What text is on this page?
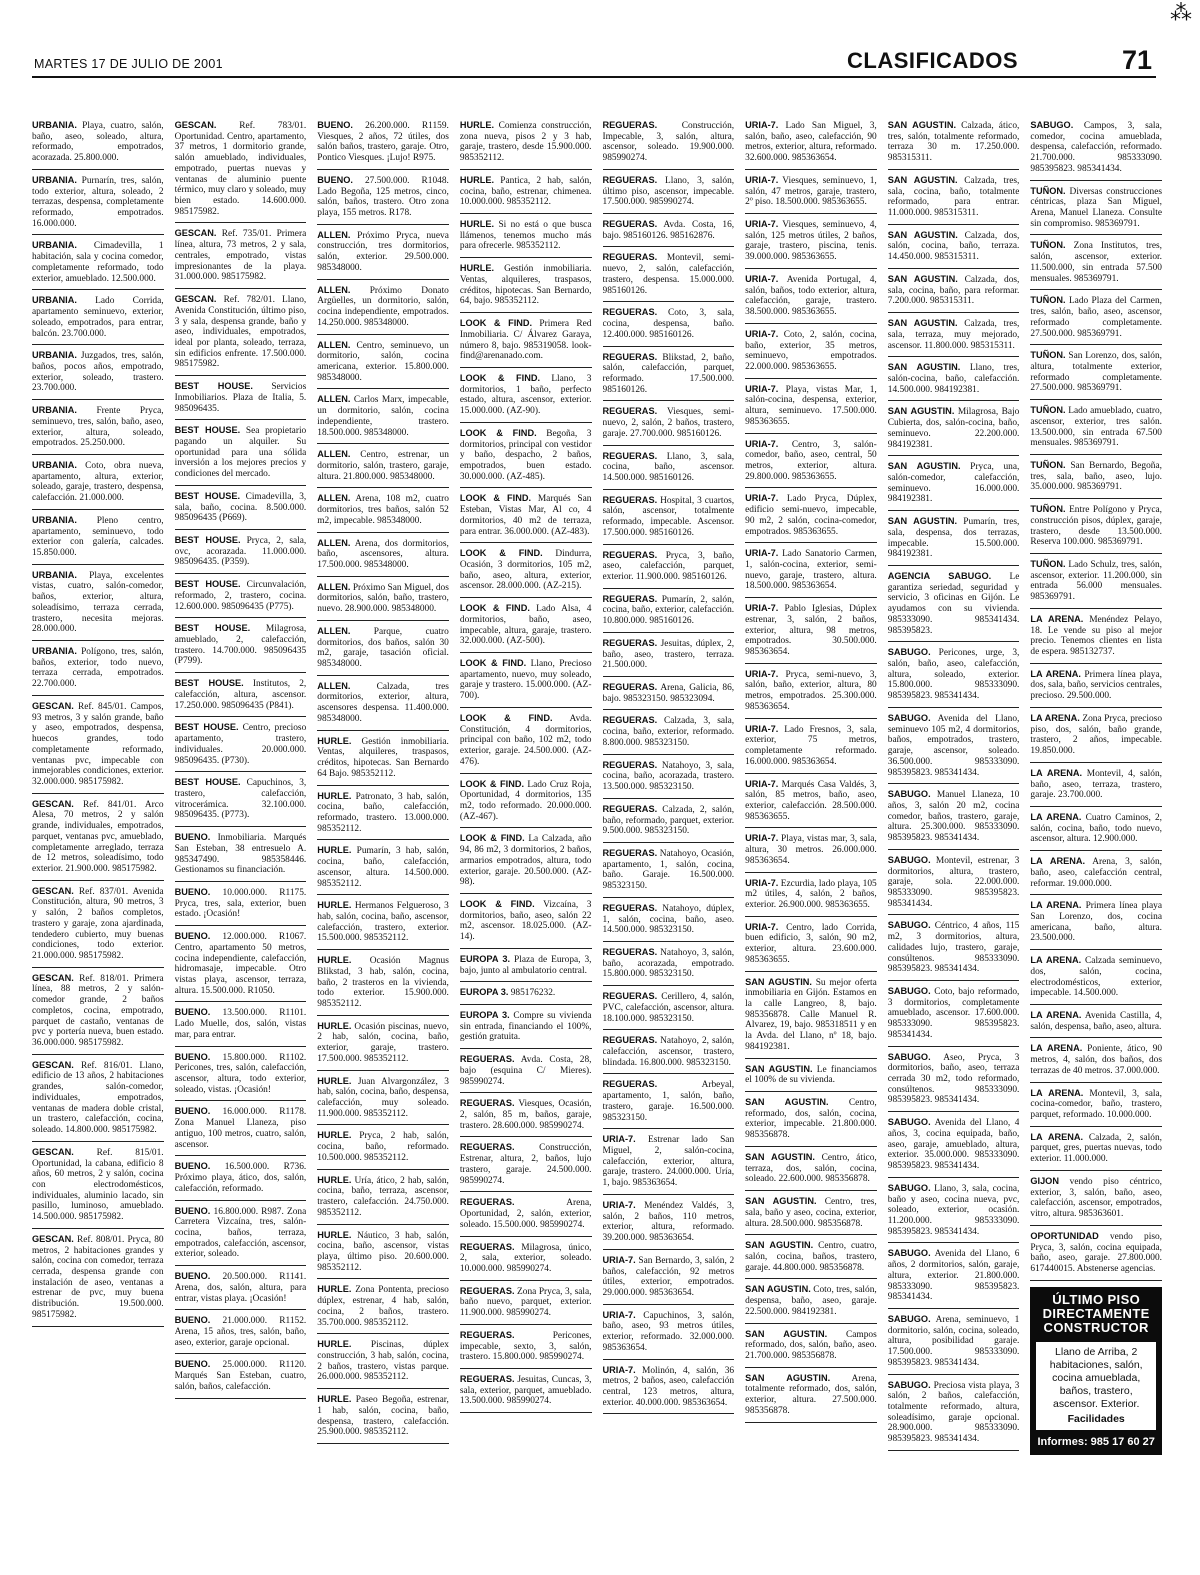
⁂
MARTES 17 DE JULIO DE 2001	CLASIFICADOS	71
URBANIA. Playa, cuatro, salón, baño, aseo, soleado, altura, reformado, empotrados, acorazada. 25.800.000.
URBANIA. Purnarín, tres, salón, todo exterior, altura, soleado, 2 terrazas, despensa, completamente reformado, empotrados. 16.000.000.
URBANIA. Cimadevilla, 1 habitación, sala y cocina comedor, completamente reformado, todo exterior, amueblado. 12.500.000.
URBANIA. Lado Corrida, apartamento seminuevo, exterior, soleado, empotrados, para entrar, balcón. 23.700.000.
URBANIA. Juzgados, tres, salón, baños, pocos años, empotrado, exterior, soleado, trastero. 23.700.000.
URBANIA. Frente Pryca, seminuevo, tres, salón, baño, aseo, exterior, altura, soleado, empotrados. 25.250.000.
URBANIA. Coto, obra nueva, apartamento, altura, exterior, soleado, garaje, trastero, despensa, calefacción. 21.000.000.
URBANIA. Pleno centro, apartamento, seminuevo, todo exterior con galería, calcades. 15.850.000.
URBANIA. Playa, excelentes vistas, cuatro, salón-comedor, baños, exterior, altura, soleadísimo, terraza cerrada, trastero, necesita mejoras. 28.000.000.
URBANIA. Polígono, tres, salón, baños, exterior, todo nuevo, terraza cerrada, empotrados. 22.700.000.
GESCAN. Ref. 845/01. Campos, 93 metros, 3 y salón grande, baño y aseo, empotrados, despensa, huecos grandes, todo completamente reformado, ventanas pvc, impecable con inmejorables condiciones, exterior. 32.000.000. 985175982.
GESCAN. Ref. 841/01. Arco Alesa, 70 metros, 2 y salón grande, individuales, empotrados, parquet, ventanas pvc, amueblado, completamente arreglado, terraza de 12 metros, soleadísimo, todo exterior. 21.900.000. 985175982.
GESCAN. Ref. 837/01. Avenida Constitución, altura, 90 metros, 3 y salón, 2 baños completos, trastero y garaje, zona ajardinada, tendedero cubierto, muy buenas condiciones, todo exterior. 21.000.000. 985175982.
GESCAN. Ref. 818/01. Primera línea, 88 metros, 2 y salón-comedor grande, 2 baños completos, cocina, empotrado, parquet de castaño, ventanas de pvc y portería nueva, buen estado. 36.000.000. 985175982.
GESCAN. Ref. 816/01. Llano, edificio de 13 años, 2 habitaciones grandes, salón-comedor, individuales, empotrados, ventanas de madera doble cristal, un trastero, calefacción, cocina, soleado. 14.800.000. 985175982.
GESCAN. Ref. 815/01. Oportunidad, la cabana, edificio 8 años, 60 metros, 2 y salón, cocina con electrodomésticos, individuales, aluminio lacado, sin pasillo, luminoso, amueblado. 14.500.000. 985175982.
GESCAN. Ref. 808/01. Pryca, 80 metros, 2 habitaciones grandes y salón, cocina con comedor, terraza cerrada, despensa grande con instalación de aseo, ventanas a estrenar de pvc, muy buena distribución. 19.500.000. 985175982.
GESCAN. Ref. 783/01. Oportunidad. Centro, apartamento, 37 metros, 1 dormitorio grande, salón amueblado, individuales, empotrado, puertas nuevas y ventanas de aluminio puente térmico, muy claro y soleado, muy bien estado. 14.600.000. 985175982.
GESCAN. Ref. 735/01. Primera línea, altura, 73 metros, 2 y sala, centrales, empotrado, vistas impresionantes de la playa. 31.000.000. 985175982.
GESCAN. Ref. 782/01. Llano, Avenida Constitución, último piso, 3 y sala, despensa grande, baño y aseo, individuales, empotrados, ideal por planta, soleado, terraza, sin edificios enfrente. 17.500.000. 985175982.
BEST HOUSE. Servicios Inmobiliarios. Plaza de Italia, 5. 985096435.
BEST HOUSE. Sea propietario pagando un alquiler. Su oportunidad para una sólida inversión a los mejores precios y condiciones del mercado.
BEST HOUSE. Cimadevilla, 3, sala, baño, cocina. 8.500.000. 985096435 (P669).
BEST HOUSE. Pryca, 2, sala, ovc, acorazada. 11.000.000. 985096435. (P359).
BEST HOUSE. Circunvalación, reformado, 2, trastero, cocina. 12.600.000. 985096435 (P775).
BEST HOUSE. Milagrosa, amueblado, 2, calefacción, trastero. 14.700.000. 985096435 (P799).
BEST HOUSE. Institutos, 2, calefacción, altura, ascensor. 17.250.000. 985096435 (P841).
BEST HOUSE. Centro, precioso apartamento, trastero, individuales. 20.000.000. 985096435. (P730).
BEST HOUSE. Capuchinos, 3, trastero, calefacción, vitrocerámica. 32.100.000. 985096435. (P773).
BUENO. Inmobiliaria. Marqués San Esteban, 38 entresuelo A. 985347490. 985358446. Gestionamos su financiación.
BUENO. 10.000.000. R1175. Pryca, tres, sala, exterior, buen estado. ¡Ocasión!
BUENO. 12.000.000. R1067. Centro, apartamento 50 metros, cocina independiente, calefacción, hidromasaje, impecable. Otro vistas playa, ascensor, terraza, altura. 15.500.000. R1050.
BUENO. 13.500.000. R1101. Lado Muelle, dos, salón, vistas mar, para entrar.
BUENO. 15.800.000. R1102. Pericones, tres, salón, calefacción, ascensor, altura, todo exterior, soleado, vistas. ¡Ocasión!
BUENO. 16.000.000. R1178. Zona Manuel Llaneza, piso antiguo, 100 metros, cuatro, salón, ascensor.
BUENO. 16.500.000. R736. Próximo playa, ático, dos, salón, calefacción, reformado.
BUENO. 16.800.000. R987. Zona Carretera Vizcaína, tres, salón-cocina, baños, terraza, empotrados, calefacción, ascensor, exterior, soleado.
BUENO. 20.500.000. R1141. Arena, dos, salón, altura, para entrar, vistas playa. ¡Ocasión!
BUENO. 21.000.000. R1152. Arena, 15 años, tres, salón, baño, aseo, exterior, garaje opcional.
BUENO. 25.000.000. R1120. Marqués San Esteban, cuatro, salón, baños, calefacción.
BUENO. 26.200.000. R1159. Viesques, 2 años, 72 útiles, dos salón baños, trastero, garaje. Otro, Pontico Viesques. ¡Lujo! R975.
BUENO. 27.500.000. R1048. Lado Begoña, 125 metros, cinco, salón, baños, trastero. Otro zona playa, 155 metros. R178.
ALLEN. Próximo Pryca, nueva construcción, tres dormitorios, salón, exterior. 29.500.000. 985348000.
ALLEN. Próximo Donato Argüelles, un dormitorio, salón, cocina independiente, empotrados. 14.250.000. 985348000.
ALLEN. Centro, seminuevo, un dormitorio, salón, cocina americana, exterior. 15.800.000. 985348000.
ALLEN. Carlos Marx, impecable, un dormitorio, salón, cocina independiente, trastero. 18.500.000. 985348000.
ALLEN. Centro, estrenar, un dormitorio, salón, trastero, garaje, altura. 21.800.000. 985348000.
ALLEN. Arena, 108 m2, cuatro dormitorios, tres baños, salón 52 m2, impecable. 985348000.
ALLEN. Arena, dos dormitorios, baño, ascensores, altura. 17.500.000. 985348000.
ALLEN. Próximo San Miguel, dos dormitorios, salón, baño, trastero, nuevo. 28.900.000. 985348000.
ALLEN. Parque, cuatro dormitorios, dos baños, salón 30 m2, garaje, tasación oficial. 985348000.
ALLEN.	Calzada, tres dormitorios, exterior, altura, ascensores despensa. 11.400.000. 985348000.
HURLE. Gestión inmobiliaria. Ventas, alquileres, traspasos, créditos, hipotecas. San Bernardo 64 Bajo. 985352112.
HURLE. Patronato, 3 hab, salón, cocina, baño, calefacción, reformado, trastero. 13.000.000. 985352112.
HURLE. Pumarín, 3 hab, salón, cocina, baño, calefacción, ascensor, altura. 14.500.000. 985352112.
HURLE. Hermanos Felgueroso, 3 hab, salón, cocina, baño, ascensor, calefacción, trastero, exterior. 15.500.000. 985352112.
HURLE. Ocasión Magnus Blikstad, 3 hab, salón, cocina, baño, 2 trasteros en la vivienda, todo exterior. 15.900.000. 985352112.
HURLE. Ocasión piscinas, nuevo, 2 hab, salón, cocina, baño, exterior, garaje, trastero. 17.500.000. 985352112.
HURLE. Juan Alvargonzález, 3 hab, salón, cocina, baño, despensa, calefacción, muy soleado. 11.900.000. 985352112.
HURLE. Pryca, 2 hab, salón, cocina, baño, reformado. 10.500.000. 985352112.
HURLE. Uría, ático, 2 hab, salón, cocina, baño, terraza, ascensor, trastero, calefacción. 24.750.000. 985352112.
HURLE. Náutico, 3 hab, salón, cocina, baño, ascensor, vistas playa, último piso. 20.600.000. 985352112.
HURLE. Zona Pontenta, precioso dúplex, estrenar, 4 hab, salón, cocina, 2 baños, trastero. 35.700.000. 985352112.
HURLE. Piscinas, dúplex construcción, 3 hab, salón, cocina, 2 baños, trastero, vistas parque. 26.000.000. 985352112.
HURLE. Paseo Begoña, estrenar, 1 hab, salón, cocina, baño, despensa, trastero, calefacción. 25.900.000. 985352112.
HURLE. Comienza construcción, zona nueva, pisos 2 y 3 hab, garaje, trastero, desde 15.900.000. 985352112.
HURLE. Pantica, 2 hab, salón, cocina, baño, estrenar, chimenea. 10.000.000. 985352112.
HURLE. Si no está o que busca llámenos, tenemos mucho más para ofrecerle. 985352112.
HURLE. Gestión inmobiliaria. Ventas, alquileres, traspasos, créditos, hipotecas. San Bernardo, 64, bajo. 985352112.
LOOK & FIND. Primera Red Inmobiliaria. C/ Álvarez Garaya, número 8, bajo. 985319058. look-find@arenanado.com.
LOOK & FIND. Llano, 3 dormitorios, 1 baño, perfecto estado, altura, ascensor, exterior. 15.000.000. (AZ-90).
LOOK & FIND. Begoña, 3 dormitorios, principal con vestidor y baño, despacho, 2 baños, empotrados, buen estado. 30.000.000. (AZ-485).
LOOK & FIND. Marqués San Esteban, Vistas Mar, Al co, 4 dormitorios, 40 m2 de terraza, para entrar. 36.000.000. (AZ-483).
LOOK & FIND. Dindurra, Ocasión, 3 dormitorios, 105 m2, baño, aseo, altura, exterior, ascensor. 28.000.000. (AZ-215).
LOOK & FIND. Lado Alsa, 4 dormitorios, baño, aseo, impecable, altura, garaje, trastero. 32.000.000. (AZ-500).
LOOK & FIND. Llano, Precioso apartamento, nuevo, muy soleado, garaje y trastero. 15.000.000. (AZ-700).
LOOK & FIND. Avda. Constitución, 4 dormitorios, principal con baño, 102 m2, todo exterior, garaje. 24.500.000. (AZ-476).
LOOK & FIND. Lado Cruz Roja, Oportunidad, 4 dormitorios, 135 m2, todo reformado. 20.000.000. (AZ-467).
LOOK & FIND. La Calzada, año 94, 86 m2, 3 dormitorios, 2 baños, armarios empotrados, altura, todo exterior, garaje. 20.500.000. (AZ-98).
LOOK & FIND. Vizcaína, 3 dormitorios, baño, aseo, salón 22 m2, ascensor. 18.025.000. (AZ-14).
EUROPA 3. Plaza de Europa, 3, bajo, junto al ambulatorio central.
EUROPA 3. 985176232.
EUROPA 3. Compre su vivienda sin entrada, financiando el 100%, gestión gratuita.
REGUERAS. Avda. Costa, 28, bajo (esquina C/ Mieres). 985990274.
REGUERAS. Viesques, Ocasión, 2, salón, 85 m, baños, garaje, trastero. 28.600.000. 985990274.
REGUERAS.	Construcción, Estrenar, altura, 2, baños, lujo trastero, garaje. 24.500.000. 985990274.
REGUERAS.	Arena, Oportunidad, 2, salón, exterior, soleado. 15.500.000. 985990274.
REGUERAS. Milagrosa, único, 2, sala, exterior, soleado. 10.000.000. 985990274.
REGUERAS. Zona Pryca, 3, sala, baño nuevo, parquet, exterior. 11.900.000. 985990274.
REGUERAS.	Pericones, impecable, sexto, 3, salón, trastero. 15.800.000. 985990274.
REGUERAS. Jesuitas, Cuncas, 3, sala, exterior, parquet, amueblado. 13.500.000. 985990274.
REGUERAS.	Construcción, Impecable, 3, salón, altura, ascensor, soleado. 19.900.000. 985990274.
REGUERAS. Llano, 3, salón, último piso, ascensor, impecable. 17.500.000. 985990274.
REGUERAS. Avda. Costa, 16, bajo. 985160126. 985162876.
REGUERAS. Montevil, semi-nuevo, 2, salón, calefacción, trastero, despensa. 15.000.000. 985160126.
REGUERAS. Coto, 3, sala, cocina, despensa, baño. 12.400.000. 985160126.
REGUERAS. Blikstad, 2, baño, salón, calefacción, parquet, reformado. 17.500.000. 985160126.
REGUERAS. Viesques, semi-nuevo, 2, salón, 2 baños, trastero, garaje. 27.700.000. 985160126.
REGUERAS. Llano, 3, sala, cocina, baño, ascensor. 14.500.000. 985160126.
REGUERAS. Hospital, 3 cuartos, salón, ascensor, totalmente reformado, impecable. Ascensor. 17.500.000. 985160126.
REGUERAS. Pryca, 3, baño, aseo, calefacción, parquet, exterior. 11.900.000. 985160126.
REGUERAS. Pumarín, 2, salón, cocina, baño, exterior, calefacción. 10.800.000. 985160126.
REGUERAS. Jesuitas, dúplex, 2, baño, aseo, trastero, terraza. 21.500.000.
REGUERAS. Arena, Galicia, 86, bajo. 985323150. 985323094.
REGUERAS. Calzada, 3, sala, cocina, baño, exterior, reformado. 8.800.000. 985323150.
REGUERAS. Natahoyo, 3, sala, cocina, baño, acorazada, trastero. 13.500.000. 985323150.
REGUERAS. Calzada, 2, salón, baño, reformado, parquet, exterior. 9.500.000. 985323150.
REGUERAS. Natahoyo, Ocasión, apartamento, 1, salón, cocina, baño. Garaje. 16.500.000. 985323150.
REGUERAS. Natahoyo, dúplex, 1, salón, cocina, baño, aseo. 14.500.000. 985323150.
REGUERAS. Natahoyo, 3, salón, baño, acorazada, empotrado. 15.800.000. 985323150.
REGUERAS. Cerillero, 4, salón, PVC, calefacción, ascensor, altura. 18.100.000. 985323150.
REGUERAS. Natahoyo, 2, salón, calefacción, ascensor, trastero, blindada. 16.800.000. 985323150.
REGUERAS.	Arbeyal, apartamento, 1, salón, baño, trastero, garaje. 16.500.000. 985323150.
URIA-7. Estrenar lado San Miguel, 2, salón-cocina, calefacción, exterior, altura, garaje, trastero. 24.000.000. Uría, 1, bajo. 985363654.
URIA-7. Menéndez Valdés, 3, salón, 2 baños, 110 metros, exterior, altura, reformado. 39.200.000. 985363654.
URIA-7. San Bernardo, 3, salón, 2 baños, calefacción, 92 metros útiles, exterior, empotrados. 29.000.000. 985363654.
URIA-7. Capuchinos, 3, salón, baño, aseo, 93 metros útiles, exterior, reformado. 32.000.000. 985363654.
URIA-7. Molinón, 4, salón, 36 metros, 2 baños, aseo, calefacción central, 123 metros, altura, exterior. 40.000.000. 985363654.
URIA-7. Lado San Miguel, 3, salón, baño, aseo, calefacción, 90 metros, exterior, altura, reformado. 32.600.000. 985363654.
URIA-7. Viesques, seminuevo, 1, salón, 47 metros, garaje, trastero, 2º piso. 18.500.000. 985363655.
URIA-7. Viesques, seminuevo, 4, salón, 125 metros útiles, 2 baños, garaje, trastero, piscina, tenis. 39.000.000. 985363655.
URIA-7. Avenida Portugal, 4, salón, baños, todo exterior, altura, calefacción, garaje, trastero. 38.500.000. 985363655.
URIA-7. Coto, 2, salón, cocina, baño, exterior, 35 metros, seminuevo, empotrados. 22.000.000. 985363655.
URIA-7. Playa, vistas Mar, 1, salón-cocina, despensa, exterior, altura, seminuevo. 17.500.000. 985363655.
URIA-7. Centro, 3, salón-comedor, baño, aseo, central, 50 metros, exterior, altura. 29.800.000. 985363655.
URIA-7. Lado Pryca, Dúplex, edificio semi-nuevo, impecable, 90 m2, 2 salón, cocina-comedor, empotrados. 985363655.
URIA-7. Lado Sanatorio Carmen, 1, salón-cocina, exterior, semi-nuevo, garaje, trastero, altura. 18.500.000. 985363654.
URIA-7. Pablo Iglesias, Dúplex estrenar, 3, salón, 2 baños, exterior, altura, 98 metros, empotrados. 30.500.000. 985363654.
URIA-7. Pryca, semi-nuevo, 3, salón, baño, exterior, altura, 80 metros, empotrados. 25.300.000. 985363654.
URIA-7. Lado Fresnos, 3, sala, exterior, 75 metros, completamente reformado. 16.000.000. 985363654.
URIA-7. Marqués Casa Valdés, 3, salón, 85 metros, baño, aseo, exterior, calefacción. 28.500.000. 985363655.
URIA-7. Playa, vistas mar, 3, sala, altura, 30 metros. 26.000.000. 985363654.
URIA-7. Ezcurdia, lado playa, 105 m2 útiles, 4, salón, 2 baños, exterior. 26.900.000. 985363655.
URIA-7. Centro, lado Corrida, buen edificio, 3, salón, 90 m2, exterior, altura. 23.600.000. 985363655.
SAN AGUSTIN. Su mejor oferta inmobiliaria en Gijón. Estamos en la calle Langreo, 8, bajo. 985356878. Calle Manuel R. Alvarez, 19, bajo. 985318511 y en la Avda. del Llano, nº 18, bajo. 984192381.
SAN AGUSTIN. Le financiamos el 100% de su vivienda.
SAN AGUSTIN. Centro, reformado, dos, salón, cocina, exterior, impecable. 21.800.000. 985356878.
SAN AGUSTIN. Centro, ático, terraza, dos, salón, cocina, soleado. 22.600.000. 985356878.
SAN AGUSTIN. Centro, tres, sala, baño y aseo, cocina, exterior, altura. 28.500.000. 985356878.
SAN AGUSTIN. Centro, cuatro, salón, cocina, baños, trastero, garaje. 44.800.000. 985356878.
SAN AGUSTIN. Coto, tres, salón, despensa, baño, aseo, garaje. 22.500.000. 984192381.
SAN AGUSTIN. Campos reformado, dos, salón, baño, aseo. 21.700.000. 985356878.
SAN AGUSTIN. Arena, totalmente reformado, dos, salón, exterior, altura. 27.500.000. 985356878.
SAN AGUSTIN. Calzada, ático, tres, salón, totalmente reformado, terraza 30 m. 17.250.000. 985315311.
SAN AGUSTIN. Calzada, tres, sala, cocina, baño, totalmente reformado, para entrar. 11.000.000. 985315311.
SAN AGUSTIN. Calzada, dos, salón, cocina, baño, terraza. 14.450.000. 985315311.
SAN AGUSTIN. Calzada, dos, sala, cocina, baño, para reformar. 7.200.000. 985315311.
SAN AGUSTIN. Calzada, tres, sala, terraza, muy mejorado, ascensor. 11.800.000. 985315311.
SAN AGUSTIN. Llano, tres, salón-cocina, baño, calefacción. 14.500.000. 984192381.
SAN AGUSTIN. Milagrosa, Bajo Cubierta, dos, salón-cocina, baño, seminuevo. 22.200.000. 984192381.
SAN AGUSTIN. Pryca, una, salón-comedor, calefacción, seminuevo. 16.000.000. 984192381.
SAN AGUSTIN. Pumarín, tres, sala, despensa, dos terrazas, impecable. 15.500.000. 984192381.
AGENCIA SABUGO. Le garantiza seriedad, seguridad y servicio, 3 oficinas en Gijón. Le ayudamos con su vivienda. 985333090. 985341434. 985395823.
SABUGO. Pericones, urge, 3, salón, baño, aseo, calefacción, altura, soleado, exterior. 15.800.000. 985333090. 985395823. 985341434.
SABUGO. Avenida del Llano, seminuevo 105 m2, 4 dormitorios, baños, empotrados, trastero, garaje, ascensor, soleado. 36.500.000. 985333090. 985395823. 985341434.
SABUGO. Manuel Llaneza, 10 años, 3, salón 20 m2, cocina comedor, baños, trastero, garaje, altura. 25.300.000. 985333090. 985395823. 985341434.
SABUGO. Montevil, estrenar, 3 dormitorios, altura, trastero, garaje, sola. 22.000.000. 985333090. 985395823. 985341434.
SABUGO. Céntrico, 4 años, 115 m2, 3 dormitorios, altura, calidades lujo, trastero, garaje, consúltenos. 985333090. 985395823. 985341434.
SABUGO. Coto, bajo reformado, 3 dormitorios, completamente amueblado, ascensor. 17.600.000. 985333090. 985395823. 985341434.
SABUGO. Aseo, Pryca, 3 dormitorios, baño, aseo, terraza cerrada 30 m2, todo reformado, consúltenos. 985333090. 985395823. 985341434.
SABUGO. Avenida del Llano, 4 años, 3, cocina equipada, baño, aseo, garaje, amueblado, altura, exterior. 35.000.000. 985333090. 985395823. 985341434.
SABUGO. Llano, 3, sala, cocina, baño y aseo, cocina nueva, pvc, soleado, exterior, ocasión. 11.200.000. 985333090. 985395823. 985341434.
SABUGO. Avenida del Llano, 6 años, 2 dormitorios, salón, garaje, altura, exterior. 21.800.000. 985333090. 985395823. 985341434.
SABUGO. Arena, seminuevo, 1 dormitorio, salón, cocina, soleado, altura, posibilidad garaje. 17.500.000. 985333090. 985395823. 985341434.
SABUGO. Preciosa vista playa, 3 salón, 2 baños, calefacción, totalmente reformado, altura, soleadísimo, garaje opcional. 28.900.000. 985333090. 985395823. 985341434.
SABUGO. Campos, 3, sala, comedor, cocina amueblada, despensa, calefacción, reformado. 21.700.000. 985333090. 985395823. 985341434.
TUÑON. Diversas construcciones céntricas, plaza San Miguel, Arena, Manuel Llaneza. Consulte sin compromiso. 985369791.
TUÑON. Zona Institutos, tres, salón, ascensor, exterior. 11.500.000, sin entrada 57.500 mensuales. 985369791.
TUÑON. Lado Plaza del Carmen, tres, salón, baño, aseo, ascensor, reformado completamente. 27.500.000. 985369791.
TUÑON. San Lorenzo, dos, salón, altura, totalmente exterior, reformado completamente. 27.500.000. 985369791.
TUÑON. Lado amueblado, cuatro, ascensor, exterior, tres salón. 13.500.000, sin entrada 67.500 mensuales. 985369791.
TUÑON. San Bernardo, Begoña, tres, sala, baño, aseo, lujo. 35.000.000. 985369791.
TUÑON. Entre Polígono y Pryca, construcción pisos, dúplex, garaje, trastero, desde 13.500.000. Reserva 100.000. 985369791.
TUÑON. Lado Schulz, tres, salón, ascensor, exterior. 11.200.000, sin entrada 56.000 mensuales. 985369791.
LA ARENA. Menéndez Pelayo, 18. Le vende su piso al mejor precio. Tenemos clientes en lista de espera. 985132737.
LA ARENA. Primera línea playa, dos, sala, baño, servicios centrales, precioso. 29.500.000.
LA ARENA. Zona Pryca, precioso piso, dos, salón, baño grande, trastero, 2 años, impecable. 19.850.000.
LA ARENA. Montevil, 4, salón, baño, aseo, terraza, trastero, garaje. 23.700.000.
LA ARENA. Cuatro Caminos, 2, salón, cocina, baño, todo nuevo, ascensor, altura. 12.900.000.
LA ARENA. Arena, 3, salón, baño, aseo, calefacción central, reformar. 19.000.000.
LA ARENA. Primera línea playa San Lorenzo, dos, cocina americana, baño, altura. 23.500.000.
LA ARENA. Calzada seminuevo, dos, salón, cocina, electrodomésticos, exterior, impecable. 14.500.000.
LA ARENA. Avenida Castilla, 4, salón, despensa, baño, aseo, altura.
LA ARENA. Poniente, ático, 90 metros, 4, salón, dos baños, dos terrazas de 40 metros. 37.000.000.
LA ARENA. Montevil, 3, sala, cocina-comedor, baño, trastero, parquet, reformado. 10.000.000.
LA ARENA. Calzada, 2, salón, parquet, gres, puertas nuevas, todo exterior. 11.000.000.
GIJON vendo piso céntrico, exterior, 3, salón, baño, aseo, calefacción, ascensor, empotrados, vitro, altura. 985363601.
OPORTUNIDAD vendo piso, Pryca, 3, salón, cocina equipada, baño, aseo, garaje. 27.800.000. 617440015. Abstenerse agencias.
ÚLTIMO PISO DIRECTAMENTE CONSTRUCTOR
Llano de Arriba, 2 habitaciones, salón, cocina amueblada, baños, trastero, ascensor. Exterior.
Facilidades
Informes: 985 17 60 27
